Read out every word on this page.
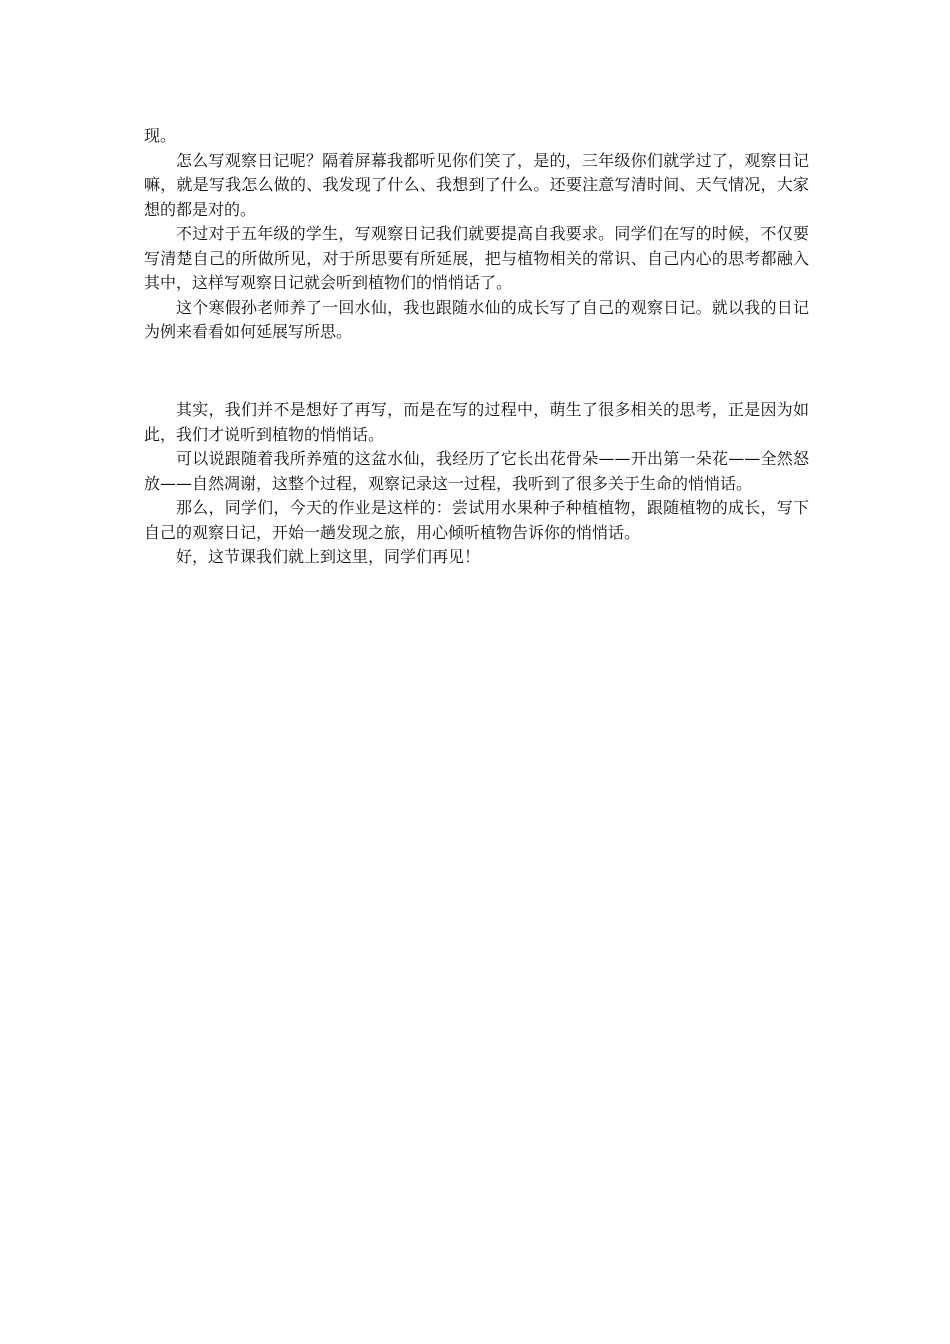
现。

怎么写观察日记呢？隔着屏幕我都听见你们笑了，是的，三年级你们就学过了，观察日记嘛，就是写我怎么做的、我发现了什么、我想到了什么。还要注意写清时间、天气情况，大家想的都是对的。

不过对于五年级的学生，写观察日记我们就要提高自我要求。同学们在写的时候，不仅要写清楚自己的所做所见，对于所思要有所延展，把与植物相关的常识、自己内心的思考都融入其中，这样写观察日记就会听到植物们的悄悄话了。

这个寒假孙老师养了一回水仙，我也跟随水仙的成长写了自己的观察日记。就以我的日记为例来看看如何延展写所思。

其实，我们并不是想好了再写，而是在写的过程中，萌生了很多相关的思考，正是因为如此，我们才说听到植物的悄悄话。

可以说跟随着我所养殖的这盆水仙，我经历了它长出花骨朵——开出第一朵花——全然怒放——自然凋谢，这整个过程，观察记录这一过程，我听到了很多关于生命的悄悄话。

那么，同学们，今天的作业是这样的：尝试用水果种子种植植物，跟随植物的成长，写下自己的观察日记，开始一趟发现之旅，用心倾听植物告诉你的悄悄话。

好，这节课我们就上到这里，同学们再见！
